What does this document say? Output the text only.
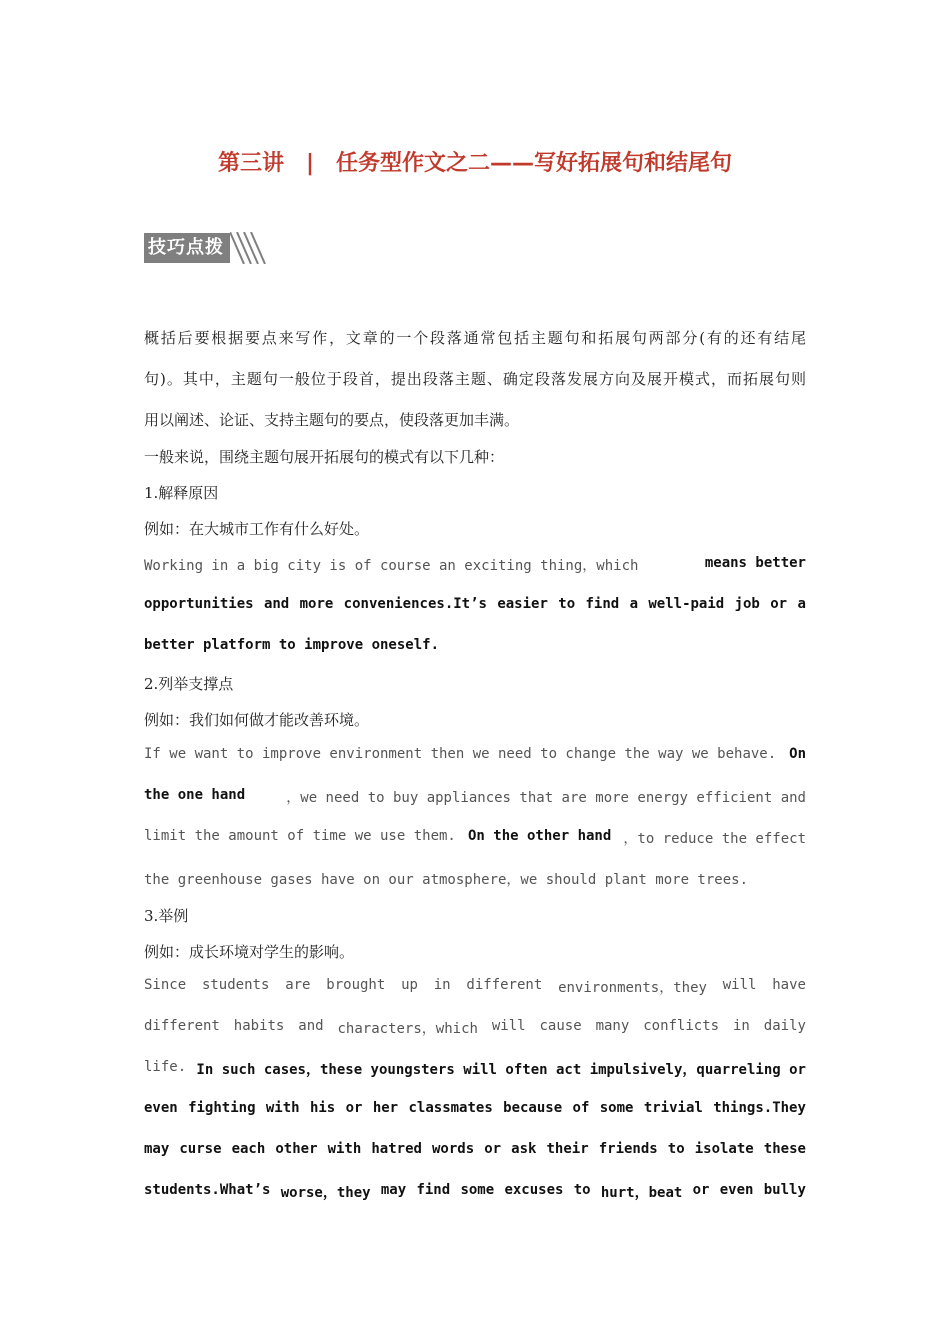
第三讲 | 任务型作文之二——写好拓展句和结尾句
技巧点拨
概括后要根据要点来写作，文章的一个段落通常包括主题句和拓展句两部分(有的还有结尾
句)。其中，主题句一般位于段首，提出段落主题、确定段落发展方向及展开模式，而拓展句则
用以阐述、论证、支持主题句的要点，使段落更加丰满。
一般来说，围绕主题句展开拓展句的模式有以下几种：
1.解释原因
例如：在大城市工作有什么好处。
Working in a big city is of course an exciting thing，which	means better
opportunities and more conveniences.It’s easier to find a well-paid job or a
better platform to improve oneself.
2.列举支撑点
例如：我们如何做才能改善环境。
If we want to improve environment then we need to change the way we behave. On
the one hand	，we need to buy appliances that are more energy efficient and
limit the amount of time we use them. On the other hand ，to reduce the effect
the greenhouse gases have on our atmosphere，we should plant more trees.
3.举例
例如：成长环境对学生的影响。
Since students are brought up in different environments，they will have
different habits and characters，which will cause many conflicts in daily
life. In such cases，these youngsters will often act impulsively，quarreling or
even fighting with his or her classmates because of some trivial things.They
may curse each other with hatred words or ask their friends to isolate these
students.What’s worse，they may find some excuses to hurt，beat or even bully
